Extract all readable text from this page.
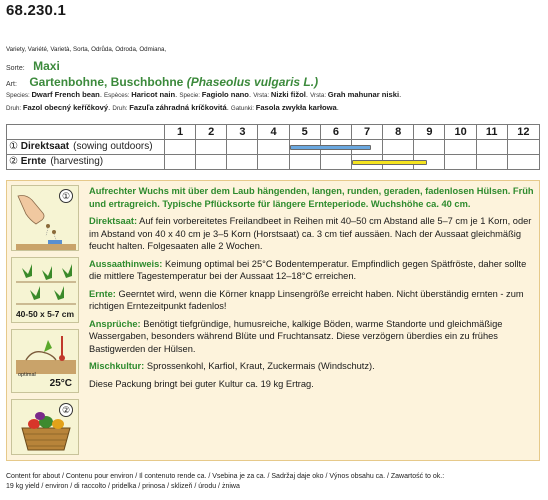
68.230.1
Variety, Variété, Varietà, Sorta, Odrůda, Odroda, Odmiana,
Sorte: Maxi
Art: Gartenbohne, Buschbohne (Phaseolus vulgaris L.)
Species: Dwarf French bean. Espèces: Haricot nain. Specie: Fagiolo nano. Vrsta: Nizki fižol. Vrsta: Grah mahunar niski.
Druh: Fazol obecný keříčkový. Druh: Fazuľa záhradná kríčkovitá. Gatunki: Fasola zwykła karłowa.
1	2	3	4	5	6	7	8	9	10	11	12
① Direktsaat (sowing outdoors)
② Ernte (harvesting)
①
40-50 x 5-7 cm
optimal
25°C
②
Aufrechter Wuchs mit über dem Laub hängenden, langen, runden, geraden, fadenlosen Hülsen. Früh und ertragreich. Typische Pflücksorte für längere Ernteperiode. Wuchshöhe ca. 40 cm.
Direktsaat: Auf fein vorbereitetes Freilandbeet in Reihen mit 40–50 cm Abstand alle 5–7 cm je 1 Korn, oder im Abstand von 40 x 40 cm je 3–5 Korn (Horstsaat) ca. 3 cm tief aussäen. Nach der Aussaat gleichmäßig feucht halten. Folgesaaten alle 2 Wochen.
Aussaathinweis: Keimung optimal bei 25°C Bodentemperatur. Empfindlich gegen Spätfröste, daher sollte die mittlere Tagestemperatur bei der Aussaat 12–18°C erreichen.
Ernte: Geerntet wird, wenn die Körner knapp Linsengröße erreicht haben. Nicht überständig ernten - zum richtigen Erntezeitpunkt fadenlos!
Ansprüche: Benötigt tiefgründige, humusreiche, kalkige Böden, warme Standorte und gleichmäßige Wassergaben, besonders während Blüte und Fruchtansatz. Diese verzögern überdies ein zu frühes Bastigwerden der Hülsen.
Mischkultur: Sprossenkohl, Karfiol, Kraut, Zuckermais (Windschutz).
Diese Packung bringt bei guter Kultur ca. 19 kg Ertrag.
Content for about / Contenu pour environ / Il contenuto rende ca. / Vsebina je za ca. / Sadržaj daje oko / Výnos obsahu ca. / Zawartość to ok.:
19 kg yield / environ / di raccolto / pridelka / prinosa / sklizeň / úrodu / żniwa
